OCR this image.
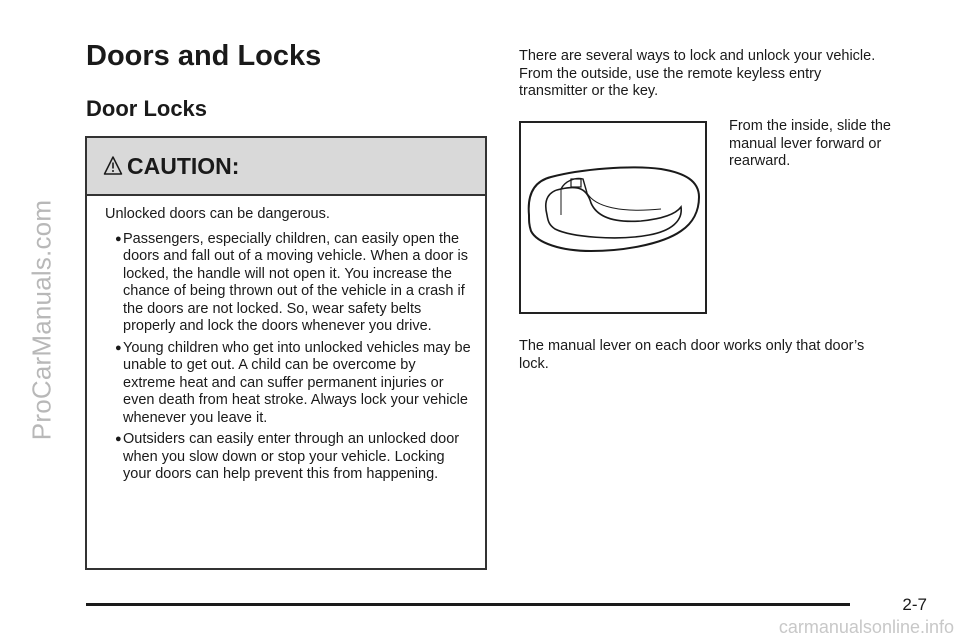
ProCarManuals.com
Doors and Locks
Door Locks
CAUTION:

Unlocked doors can be dangerous.

● Passengers, especially children, can easily open the doors and fall out of a moving vehicle. When a door is locked, the handle will not open it. You increase the chance of being thrown out of the vehicle in a crash if the doors are not locked. So, wear safety belts properly and lock the doors whenever you drive.
● Young children who get into unlocked vehicles may be unable to get out. A child can be overcome by extreme heat and can suffer permanent injuries or even death from heat stroke. Always lock your vehicle whenever you leave it.
● Outsiders can easily enter through an unlocked door when you slow down or stop your vehicle. Locking your doors can help prevent this from happening.

There are several ways to lock and unlock your vehicle. From the outside, use the remote keyless entry transmitter or the key.

From the inside, slide the manual lever forward or rearward.

The manual lever on each door works only that door’s lock.

2-7
carmanualsonline.info
